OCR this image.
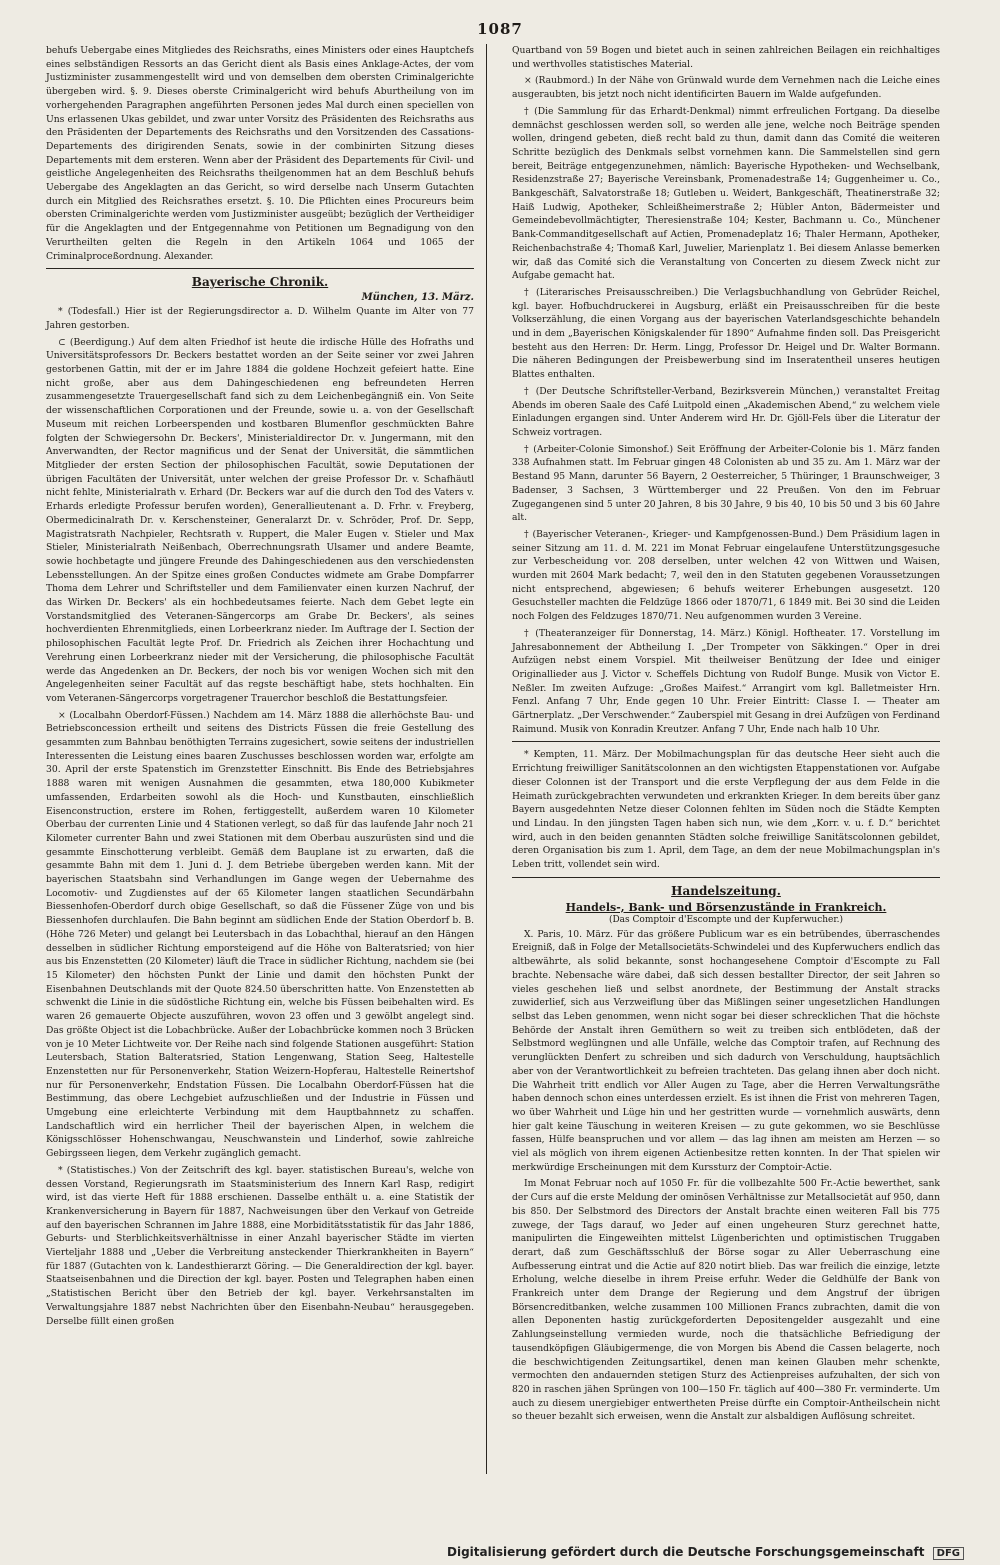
1087

behufs Uebergabe eines Mitgliedes des Reichsraths, eines Ministers oder eines Hauptchefs eines selbständigen Ressorts an das Gericht dient als Basis eines Anklage-Actes, der vom Justizminister zusammengestellt wird und von demselben dem obersten Criminalgerichte übergeben wird. §. 9. Dieses oberste Criminalgericht wird behufs Aburtheilung von im vorhergehenden Paragraphen angeführten Personen jedes Mal durch einen speciellen von Uns erlassenen Ukas gebildet, und zwar unter Vorsitz des Präsidenten des Reichsraths aus den Präsidenten der Departements des Reichsraths und den Vorsitzenden des Cassations-Departements des dirigirenden Senats, sowie in der combinirten Sitzung dieses Departements mit dem ersteren. Wenn aber der Präsident des Departements für Civil- und geistliche Angelegenheiten des Reichsraths theilgenommen hat an dem Beschluß behufs Uebergabe des Angeklagten an das Gericht, so wird derselbe nach Unserm Gutachten durch ein Mitglied des Reichsrathes ersetzt. §. 10. Die Pflichten eines Procureurs beim obersten Criminalgerichte werden vom Justizminister ausgeübt; bezüglich der Vertheidiger für die Angeklagten und der Entgegennahme von Petitionen um Begnadigung von den Verurtheilten gelten die Regeln in den Artikeln 1064 und 1065 der Criminalproceßordnung. Alexander.

Bayerische Chronik.
München, 13. März.

* (Todesfall.) Hier ist der Regierungsdirector a. D. Wilhelm Quante im Alter von 77 Jahren gestorben.

⊂ (Beerdigung.) Auf dem alten Friedhof ist heute die irdische Hülle des Hofraths und Universitätsprofessors Dr. Beckers bestattet worden an der Seite seiner vor zwei Jahren gestorbenen Gattin, mit der er im Jahre 1884 die goldene Hochzeit gefeiert hatte. Eine nicht große, aber aus dem Dahingeschiedenen eng befreundeten Herren zusammengesetzte Trauergesellschaft fand sich zu dem Leichenbegängniß ein. Von Seite der wissenschaftlichen Corporationen und der Freunde, sowie u. a. von der Gesellschaft Museum mit reichen Lorbeerspenden und kostbaren Blumenflor geschmückten Bahre folgten der Schwiegersohn Dr. Beckers', Ministerialdirector Dr. v. Jungermann, mit den Anverwandten, der Rector magnificus und der Senat der Universität, die sämmtlichen Mitglieder der ersten Section der philosophischen Facultät, sowie Deputationen der übrigen Facultäten der Universität, unter welchen der greise Professor Dr. v. Schafhäutl nicht fehlte, Ministerialrath v. Erhard (Dr. Beckers war auf die durch den Tod des Vaters v. Erhards erledigte Professur berufen worden), Generallieutenant a. D. Frhr. v. Freyberg, Obermedicinalrath Dr. v. Kerschensteiner, Generalarzt Dr. v. Schröder, Prof. Dr. Sepp, Magistratsrath Nachpieler, Rechtsrath v. Ruppert, die Maler Eugen v. Stieler und Max Stieler, Ministerialrath Neißenbach, Oberrechnungsrath Ulsamer und andere Beamte, sowie hochbetagte und jüngere Freunde des Dahingeschiedenen aus den verschiedensten Lebensstellungen. An der Spitze eines großen Conductes widmete am Grabe Dompfarrer Thoma dem Lehrer und Schriftsteller und dem Familienvater einen kurzen Nachruf, der das Wirken Dr. Beckers' als ein hochbedeutsames feierte. Nach dem Gebet legte ein Vorstandsmitglied des Veteranen-Sängercorps am Grabe Dr. Beckers', als seines hochverdienten Ehrenmitglieds, einen Lorbeerkranz nieder. Im Auftrage der I. Section der philosophischen Facultät legte Prof. Dr. Friedrich als Zeichen ihrer Hochachtung und Verehrung einen Lorbeerkranz nieder mit der Versicherung, die philosophische Facultät werde das Angedenken an Dr. Beckers, der noch bis vor wenigen Wochen sich mit den Angelegenheiten seiner Facultät auf das regste beschäftigt habe, stets hochhalten. Ein vom Veteranen-Sängercorps vorgetragener Trauerchor beschloß die Bestattungsfeier.

⨯ (Localbahn Oberdorf-Füssen.) Nachdem am 14. März 1888 die allerhöchste Bau- und Betriebsconcession ertheilt und seitens des Districts Füssen die freie Gestellung des gesammten zum Bahnbau benöthigten Terrains zugesichert, sowie seitens der industriellen Interessenten die Leistung eines baaren Zuschusses beschlossen worden war, erfolgte am 30. April der erste Spatenstich im Grenzstetter Einschnitt. Bis Ende des Betriebsjahres 1888 waren mit wenigen Ausnahmen die gesammten, etwa 180,000 Kubikmeter umfassenden, Erdarbeiten sowohl als die Hoch- und Kunstbauten, einschließlich Eisenconstruction, erstere im Rohen, fertiggestellt, außerdem waren 10 Kilometer Oberbau der currenten Linie und 4 Stationen verlegt, so daß für das laufende Jahr noch 21 Kilometer currenter Bahn und zwei Stationen mit dem Oberbau auszurüsten sind und die gesammte Einschotterung verbleibt. Gemäß dem Bauplane ist zu erwarten, daß die gesammte Bahn mit dem 1. Juni d. J. dem Betriebe übergeben werden kann. Mit der bayerischen Staatsbahn sind Verhandlungen im Gange wegen der Uebernahme des Locomotiv- und Zugdienstes auf der 65 Kilometer langen staatlichen Secundärbahn Biessenhofen-Oberdorf durch obige Gesellschaft, so daß die Füssener Züge von und bis Biessenhofen durchlaufen. Die Bahn beginnt am südlichen Ende der Station Oberdorf b. B. (Höhe 726 Meter) und gelangt bei Leutersbach in das Lobachthal, hierauf an den Hängen desselben in südlicher Richtung emporsteigend auf die Höhe von Balteratsried; von hier aus bis Enzenstetten (20 Kilometer) läuft die Trace in südlicher Richtung, nachdem sie (bei 15 Kilometer) den höchsten Punkt der Linie und damit den höchsten Punkt der Eisenbahnen Deutschlands mit der Quote 824.50 überschritten hatte. Von Enzenstetten ab schwenkt die Linie in die südöstliche Richtung ein, welche bis Füssen beibehalten wird. Es waren 26 gemauerte Objecte auszuführen, wovon 23 offen und 3 gewölbt angelegt sind. Das größte Object ist die Lobachbrücke. Außer der Lobachbrücke kommen noch 3 Brücken von je 10 Meter Lichtweite vor. Der Reihe nach sind folgende Stationen ausgeführt: Station Leutersbach, Station Balteratsried, Station Lengenwang, Station Seeg, Haltestelle Enzenstetten nur für Personenverkehr, Station Weizern-Hopferau, Haltestelle Reinertshof nur für Personenverkehr, Endstation Füssen. Die Localbahn Oberdorf-Füssen hat die Bestimmung, das obere Lechgebiet aufzuschließen und der Industrie in Füssen und Umgebung eine erleichterte Verbindung mit dem Hauptbahnnetz zu schaffen. Landschaftlich wird ein herrlicher Theil der bayerischen Alpen, in welchem die Königsschlösser Hohenschwangau, Neuschwanstein und Linderhof, sowie zahlreiche Gebirgsseen liegen, dem Verkehr zugänglich gemacht.

* (Statistisches.) Von der Zeitschrift des kgl. bayer. statistischen Bureau's, welche von dessen Vorstand, Regierungsrath im Staatsministerium des Innern Karl Rasp, redigirt wird, ist das vierte Heft für 1888 erschienen. Dasselbe enthält u. a. eine Statistik der Krankenversicherung in Bayern für 1887, Nachweisungen über den Verkauf von Getreide auf den bayerischen Schrannen im Jahre 1888, eine Morbiditätsstatistik für das Jahr 1886, Geburts- und Sterblichkeitsverhältnisse in einer Anzahl bayerischer Städte im vierten Vierteljahr 1888 und „Ueber die Verbreitung ansteckender Thierkrankheiten in Bayern“ für 1887 (Gutachten von k. Landesthierarzt Göring. — Die Generaldirection der kgl. bayer. Staatseisenbahnen und die Direction der kgl. bayer. Posten und Telegraphen haben einen „Statistischen Bericht über den Betrieb der kgl. bayer. Verkehrsanstalten im Verwaltungsjahre 1887 nebst Nachrichten über den Eisenbahn-Neubau“ herausgegeben. Derselbe füllt einen großen

Quartband von 59 Bogen und bietet auch in seinen zahlreichen Beilagen ein reichhaltiges und werthvolles statistisches Material.

⨯ (Raubmord.) In der Nähe von Grünwald wurde dem Vernehmen nach die Leiche eines ausgeraubten, bis jetzt noch nicht identificirten Bauern im Walde aufgefunden.

† (Die Sammlung für das Erhardt-Denkmal) nimmt erfreulichen Fortgang. Da dieselbe demnächst geschlossen werden soll, so werden alle jene, welche noch Beiträge spenden wollen, dringend gebeten, dieß recht bald zu thun, damit dann das Comité die weiteren Schritte bezüglich des Denkmals selbst vornehmen kann. Die Sammelstellen sind gern bereit, Beiträge entgegenzunehmen, nämlich: Bayerische Hypotheken- und Wechselbank, Residenzstraße 27; Bayerische Vereinsbank, Promenadestraße 14; Guggenheimer u. Co., Bankgeschäft, Salvatorstraße 18; Gutleben u. Weidert, Bankgeschäft, Theatinerstraße 32; Haiß Ludwig, Apotheker, Schleißheimerstraße 2; Hübler Anton, Bädermeister und Gemeindebevollmächtigter, Theresienstraße 104; Kester, Bachmann u. Co., Münchener Bank-Commanditgesellschaft auf Actien, Promenadeplatz 16; Thaler Hermann, Apotheker, Reichenbachstraße 4; Thomaß Karl, Juwelier, Marienplatz 1. Bei diesem Anlasse bemerken wir, daß das Comité sich die Veranstaltung von Concerten zu diesem Zweck nicht zur Aufgabe gemacht hat.

† (Literarisches Preisausschreiben.) Die Verlagsbuchhandlung von Gebrüder Reichel, kgl. bayer. Hofbuchdruckerei in Augsburg, erläßt ein Preisausschreiben für die beste Volkserzählung, die einen Vorgang aus der bayerischen Vaterlandsgeschichte behandeln und in dem „Bayerischen Königskalender für 1890“ Aufnahme finden soll. Das Preisgericht besteht aus den Herren: Dr. Herm. Lingg, Professor Dr. Heigel und Dr. Walter Bormann. Die näheren Bedingungen der Preisbewerbung sind im Inseratentheil unseres heutigen Blattes enthalten.

† (Der Deutsche Schriftsteller-Verband, Bezirksverein München,) veranstaltet Freitag Abends im oberen Saale des Café Luitpold einen „Akademischen Abend,“ zu welchem viele Einladungen ergangen sind. Unter Anderem wird Hr. Dr. Gjöll-Fels über die Literatur der Schweiz vortragen.

† (Arbeiter-Colonie Simonshof.) Seit Eröffnung der Arbeiter-Colonie bis 1. März fanden 338 Aufnahmen statt. Im Februar gingen 48 Colonisten ab und 35 zu. Am 1. März war der Bestand 95 Mann, darunter 56 Bayern, 2 Oesterreicher, 5 Thüringer, 1 Braunschweiger, 3 Badenser, 3 Sachsen, 3 Württemberger und 22 Preußen. Von den im Februar Zugegangenen sind 5 unter 20 Jahren, 8 bis 30 Jahre, 9 bis 40, 10 bis 50 und 3 bis 60 Jahre alt.

† (Bayerischer Veteranen-, Krieger- und Kampfgenossen-Bund.) Dem Präsidium lagen in seiner Sitzung am 11. d. M. 221 im Monat Februar eingelaufene Unterstützungsgesuche zur Verbescheidung vor. 208 derselben, unter welchen 42 von Wittwen und Waisen, wurden mit 2604 Mark bedacht; 7, weil den in den Statuten gegebenen Voraussetzungen nicht entsprechend, abgewiesen; 6 behufs weiterer Erhebungen ausgesetzt. 120 Gesuchsteller machten die Feldzüge 1866 oder 1870/71, 6 1849 mit. Bei 30 sind die Leiden noch Folgen des Feldzuges 1870/71. Neu aufgenommen wurden 3 Vereine.

† (Theateranzeiger für Donnerstag, 14. März.) Königl. Hoftheater. 17. Vorstellung im Jahresabonnement der Abtheilung I. „Der Trompeter von Säkkingen.“ Oper in drei Aufzügen nebst einem Vorspiel. Mit theilweiser Benützung der Idee und einiger Originallieder aus J. Victor v. Scheffels Dichtung von Rudolf Bunge. Musik von Victor E. Neßler. Im zweiten Aufzuge: „Großes Maifest.“ Arrangirt vom kgl. Balletmeister Hrn. Fenzl. Anfang 7 Uhr, Ende gegen 10 Uhr. Freier Eintritt: Classe I. — Theater am Gärtnerplatz. „Der Verschwender.“ Zauberspiel mit Gesang in drei Aufzügen von Ferdinand Raimund. Musik von Konradin Kreutzer. Anfang 7 Uhr, Ende nach halb 10 Uhr.

* Kempten, 11. März. Der Mobilmachungsplan für das deutsche Heer sieht auch die Errichtung freiwilliger Sanitätscolonnen an den wichtigsten Etappenstationen vor. Aufgabe dieser Colonnen ist der Transport und die erste Verpflegung der aus dem Felde in die Heimath zurückgebrachten verwundeten und erkrankten Krieger. In dem bereits über ganz Bayern ausgedehnten Netze dieser Colonnen fehlten im Süden noch die Städte Kempten und Lindau. In den jüngsten Tagen haben sich nun, wie dem „Korr. v. u. f. D.“ berichtet wird, auch in den beiden genannten Städten solche freiwillige Sanitätscolonnen gebildet, deren Organisation bis zum 1. April, dem Tage, an dem der neue Mobilmachungsplan in's Leben tritt, vollendet sein wird.

Handelszeitung.
Handels-, Bank- und Börsenzustände in Frankreich.
(Das Comptoir d'Escompte und der Kupferwucher.)

X. Paris, 10. März. Für das größere Publicum war es ein betrübendes, überraschendes Ereigniß, daß in Folge der Metallsocietäts-Schwindelei und des Kupferwuchers endlich das altbewährte, als solid bekannte, sonst hochangesehene Comptoir d'Escompte zu Fall brachte. Nebensache wäre dabei, daß sich dessen bestallter Director, der seit Jahren so vieles geschehen ließ und selbst anordnete, der Bestimmung der Anstalt stracks zuwiderlief, sich aus Verzweiflung über das Mißlingen seiner ungesetzlichen Handlungen selbst das Leben genommen, wenn nicht sogar bei dieser schrecklichen That die höchste Behörde der Anstalt ihren Gemüthern so weit zu treiben sich entblödeten, daß der Selbstmord weglüngnen und alle Unfälle, welche das Comptoir trafen, auf Rechnung des verunglückten Denfert zu schreiben und sich dadurch von Verschuldung, hauptsächlich aber von der Verantwortlichkeit zu befreien trachteten. Das gelang ihnen aber doch nicht. Die Wahrheit tritt endlich vor Aller Augen zu Tage, aber die Herren Verwaltungsräthe haben dennoch schon eines unterdessen erzielt. Es ist ihnen die Frist von mehreren Tagen, wo über Wahrheit und Lüge hin und her gestritten wurde — vornehmlich auswärts, denn hier galt keine Täuschung in weiteren Kreisen — zu gute gekommen, wo sie Beschlüsse fassen, Hülfe beanspruchen und vor allem — das lag ihnen am meisten am Herzen — so viel als möglich von ihrem eigenen Actienbesitze retten konnten. In der That spielen wir merkwürdige Erscheinungen mit dem Kurssturz der Comptoir-Actie.

Im Monat Februar noch auf 1050 Fr. für die vollbezahlte 500 Fr.-Actie bewerthet, sank der Curs auf die erste Meldung der ominösen Verhältnisse zur Metallsocietät auf 950, dann bis 850. Der Selbstmord des Directors der Anstalt brachte einen weiteren Fall bis 775 zuwege, der Tags darauf, wo Jeder auf einen ungeheuren Sturz gerechnet hatte, manipulirten die Eingeweihten mittelst Lügenberichten und optimistischen Truggaben derart, daß zum Geschäftsschluß der Börse sogar zu Aller Ueberraschung eine Aufbesserung eintrat und die Actie auf 820 notirt blieb. Das war freilich die einzige, letzte Erholung, welche dieselbe in ihrem Preise erfuhr. Weder die Geldhülfe der Bank von Frankreich unter dem Drange der Regierung und dem Angstruf der übrigen Börsencreditbanken, welche zusammen 100 Millionen Francs zubrachten, damit die von allen Deponenten hastig zurückgeforderten Depositengelder ausgezahlt und eine Zahlungseinstellung vermieden wurde, noch die thatsächliche Befriedigung der tausendköpfigen Gläubigermenge, die von Morgen bis Abend die Cassen belagerte, noch die beschwichtigenden Zeitungsartikel, denen man keinen Glauben mehr schenkte, vermochten den andauernden stetigen Sturz des Actienpreises aufzuhalten, der sich von 820 in raschen jähen Sprüngen von 100—150 Fr. täglich auf 400—380 Fr. verminderte. Um auch zu diesem unergiebiger entwertheten Preise dürfte ein Comptoir-Antheilschein nicht so theuer bezahlt sich erweisen, wenn die Anstalt zur alsbaldigen Auflösung schreitet.

Digitalisierung gefördert durch die Deutsche Forschungsgemeinschaft DFG
